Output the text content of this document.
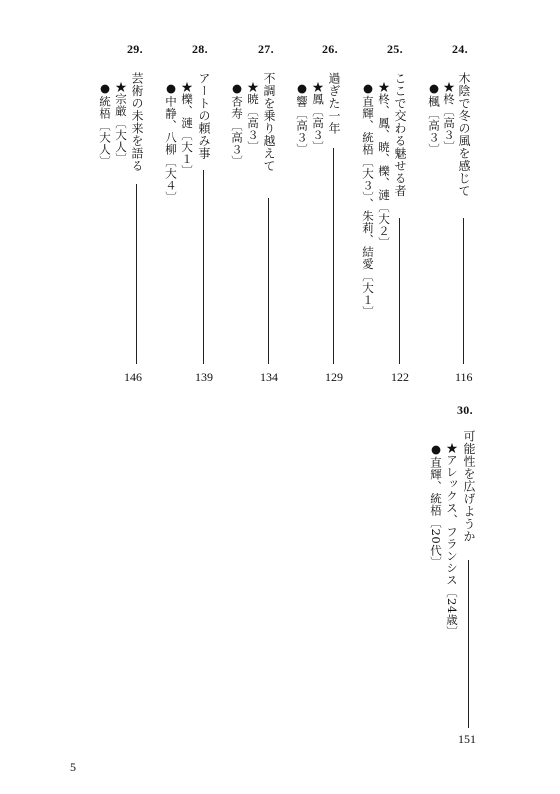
24.
木陰で冬の風を感じて
★柊〔高３〕
●楓〔高３〕
116
25.
ここで交わる魅せる者
★柊、鳳、暁、櫟、漣〔大２〕
●直輝、統梧〔大３〕、朱莉、結愛〔大１〕
122
26.
過ぎた一年
★鳳〔高３〕
●響〔高３〕
129
27.
不調を乗り越えて
★暁〔高３〕
●杏寿〔高３〕
134
28.
アートの頼み事
★櫟、漣〔大１〕
●中静、八柳〔大４〕
139
29.
芸術の未来を語る
★宗厳〔大人〕
●統梧〔大人〕
146
30.
可能性を広げようか
★アレックス、フランシス〔24歳〕
●直輝、統梧〔20代〕
151
5
